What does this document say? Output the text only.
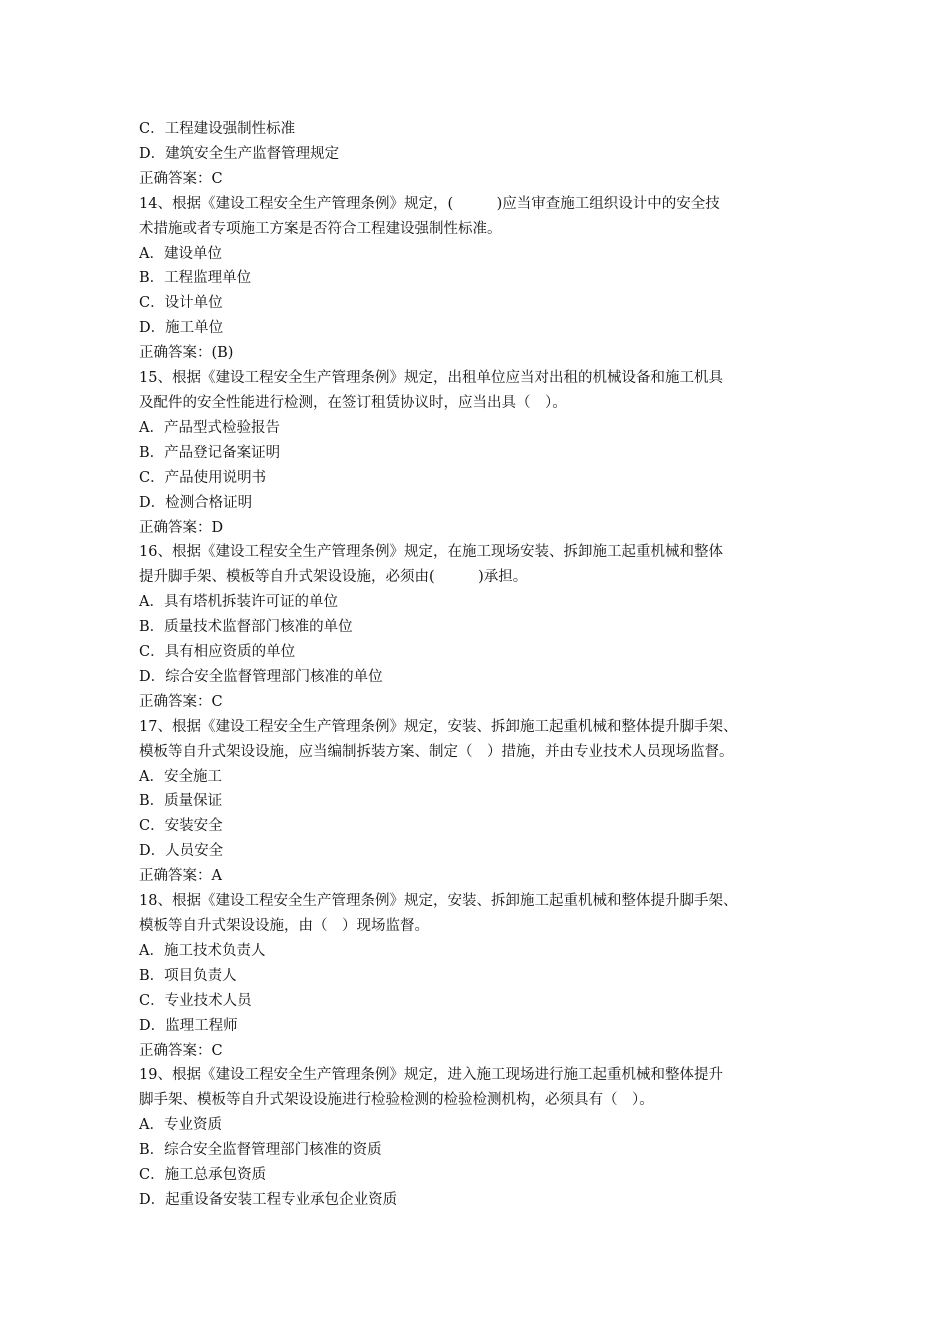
C．工程建设强制性标准

D．建筑安全生产监督管理规定

正确答案：C

14、根据《建设工程安全生产管理条例》规定，(　　　)应当审查施工组织设计中的安全技

术措施或者专项施工方案是否符合工程建设强制性标准。

A．建设单位

B．工程监理单位

C．设计单位

D．施工单位

正确答案：(B)

15、根据《建设工程安全生产管理条例》规定，出租单位应当对出租的机械设备和施工机具

及配件的安全性能进行检测，在签订租赁协议时，应当出具（　）。

A．产品型式检验报告

B．产品登记备案证明

C．产品使用说明书

D．检测合格证明

正确答案：D

16、根据《建设工程安全生产管理条例》规定，在施工现场安装、拆卸施工起重机械和整体

提升脚手架、模板等自升式架设设施，必须由(　　　)承担。

A．具有塔机拆装许可证的单位

B．质量技术监督部门核准的单位

C．具有相应资质的单位

D．综合安全监督管理部门核准的单位

正确答案：C

17、根据《建设工程安全生产管理条例》规定，安装、拆卸施工起重机械和整体提升脚手架、

模板等自升式架设设施，应当编制拆装方案、制定（　）措施，并由专业技术人员现场监督。

A．安全施工

B．质量保证

C．安装安全

D．人员安全

正确答案：A

18、根据《建设工程安全生产管理条例》规定，安装、拆卸施工起重机械和整体提升脚手架、

模板等自升式架设设施，由（　）现场监督。

A．施工技术负责人

B．项目负责人

C．专业技术人员

D．监理工程师

正确答案：C

19、根据《建设工程安全生产管理条例》规定，进入施工现场进行施工起重机械和整体提升

脚手架、模板等自升式架设设施进行检验检测的检验检测机构，必须具有（　）。

A．专业资质

B．综合安全监督管理部门核准的资质

C．施工总承包资质

D．起重设备安装工程专业承包企业资质
